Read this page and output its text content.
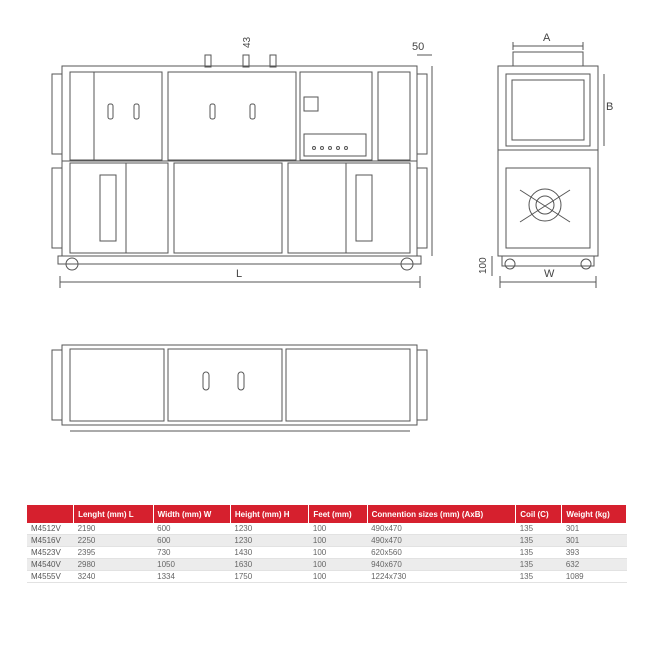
50
43
L
A
B
W
100
	Lenght (mm) L	Width (mm) W	Height (mm) H	Feet (mm)	Connention sizes (mm) (AxB)	Coil (C)	Weight (kg)
M4512V	2190	600	1230	100	490x470	135	301
M4516V	2250	600	1230	100	490x470	135	301
M4523V	2395	730	1430	100	620x560	135	393
M4540V	2980	1050	1630	100	940x670	135	632
M4555V	3240	1334	1750	100	1224x730	135	1089
